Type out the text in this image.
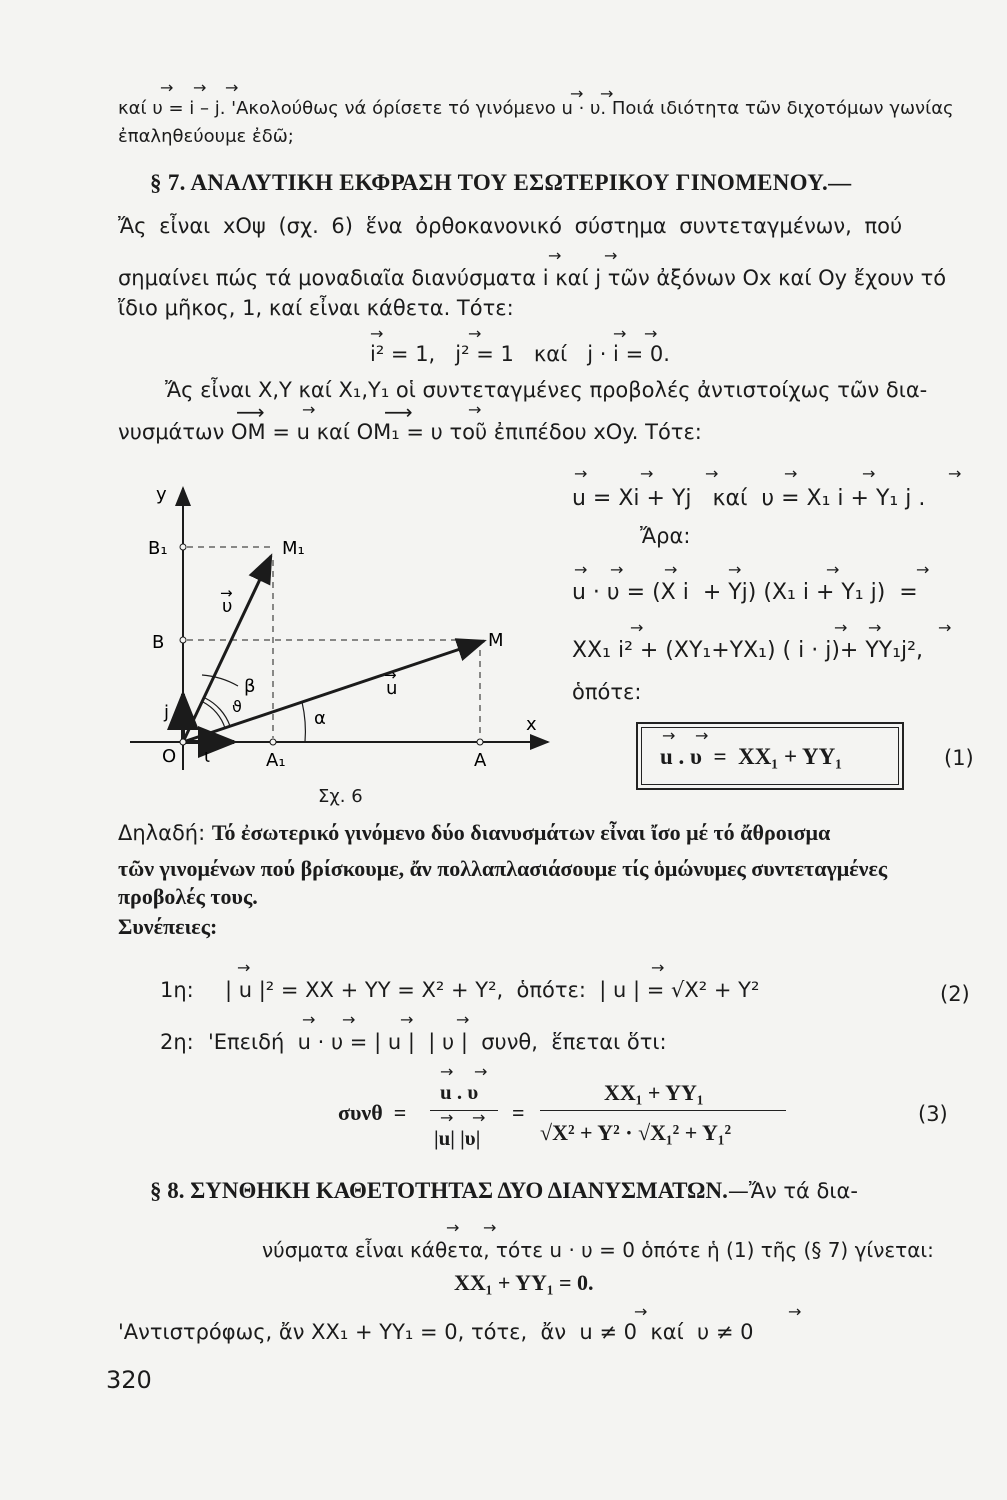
καί υ = i – j. 'Ακολούθως νά όρίσετε τό γινόμενο u · υ. Ποιά ιδιότητα τῶν διχοτόμων γωνίας
→ → →	→ →
ἐπαληθεύουμε ἐδῶ;
§ 7. ΑΝΑΛΥΤΙΚΗ ΕΚΦΡΑΣΗ ΤΟΥ ΕΣΩΤΕΡΙΚΟΥ ΓΙΝΟΜΕΝΟΥ.—
Ἄς εἶναι xOψ (σχ. 6) ἕνα ὀρθοκανονικό σύστημα συντεταγμένων, πού
σημαίνει πώς τά μοναδιαῖα διανύσματα i καί j τῶν ἀξόνων Ox καί Oy ἔχουν τό
→	→
ἴδιο μῆκος, 1, καί εἶναι κάθετα. Τότε:
i² = 1,   j² = 1   καί   j · i = 0.
→	→	→ →
Ἄς εἶναι X,Y καί X₁,Y₁ οἱ συντεταγμένες προβολές ἀντιστοίχως τῶν δια-
νυσμάτων OM = u καί OM₁ = υ τοῦ ἐπιπέδου xOy. Τότε:
⟶	→	⟶	→
y
B₁	M₁
B	M
υ
→
u
→
β
ϑ
α
j
O ι	A₁	A
x
Σχ. 6
u = Xi + Yj   καί  υ = X₁ i + Y₁ j .
→	→	→	→	→	→
Ἄρα:
u · υ = (X i  + Yj) (X₁ i + Y₁ j)  =
→ →	→	→	→	→
XX₁ i² + (XY₁+YX₁) ( i · j)+ YY₁j²,
→	→ →	→
ὁπότε:
u . υ  =  XX₁ + YY₁
→ →
(1)
Δηλαδή: Τό ἐσωτερικό γινόμενο δύο διανυσμάτων εἶναι ἴσο μέ τό ἄθροισμα
τῶν γινομένων πού βρίσκουμε, ἄν πολλαπλασιάσουμε τίς ὁμώνυμες συντεταγμένες
προβολές τους.
Συνέπειες:
1η: | u |² = XX + YY = X² + Y²,  ὁπότε:  | u | = √X² + Y²
→	→
(2)
2η: 'Επειδή  u · υ = | u |  | υ |  συνθ,  ἕπεται ὅτι:
→ →	→	→
συνθ  =
u . υ
→ →
|u| |υ|
→ → =
XX₁ + YY₁
√X² + Y² · √X₁² + Y₁²
(3)
§ 8. ΣΥΝΘΗΚΗ ΚΑΘΕΤΟΤΗΤΑΣ ΔΥΟ ΔΙΑΝΥΣΜΑΤΩΝ.—Ἄν τά δια-
νύσματα εἶναι κάθετα, τότε u · υ = 0 ὁπότε ἡ (1) τῆς (§ 7) γίνεται:
→ →
XX₁ + YY₁ = 0.
'Αντιστρόφως, ἄν XX₁ + YY₁ = 0, τότε,  ἄν  u ≠ 0  καί  υ ≠ 0
→	→
320
